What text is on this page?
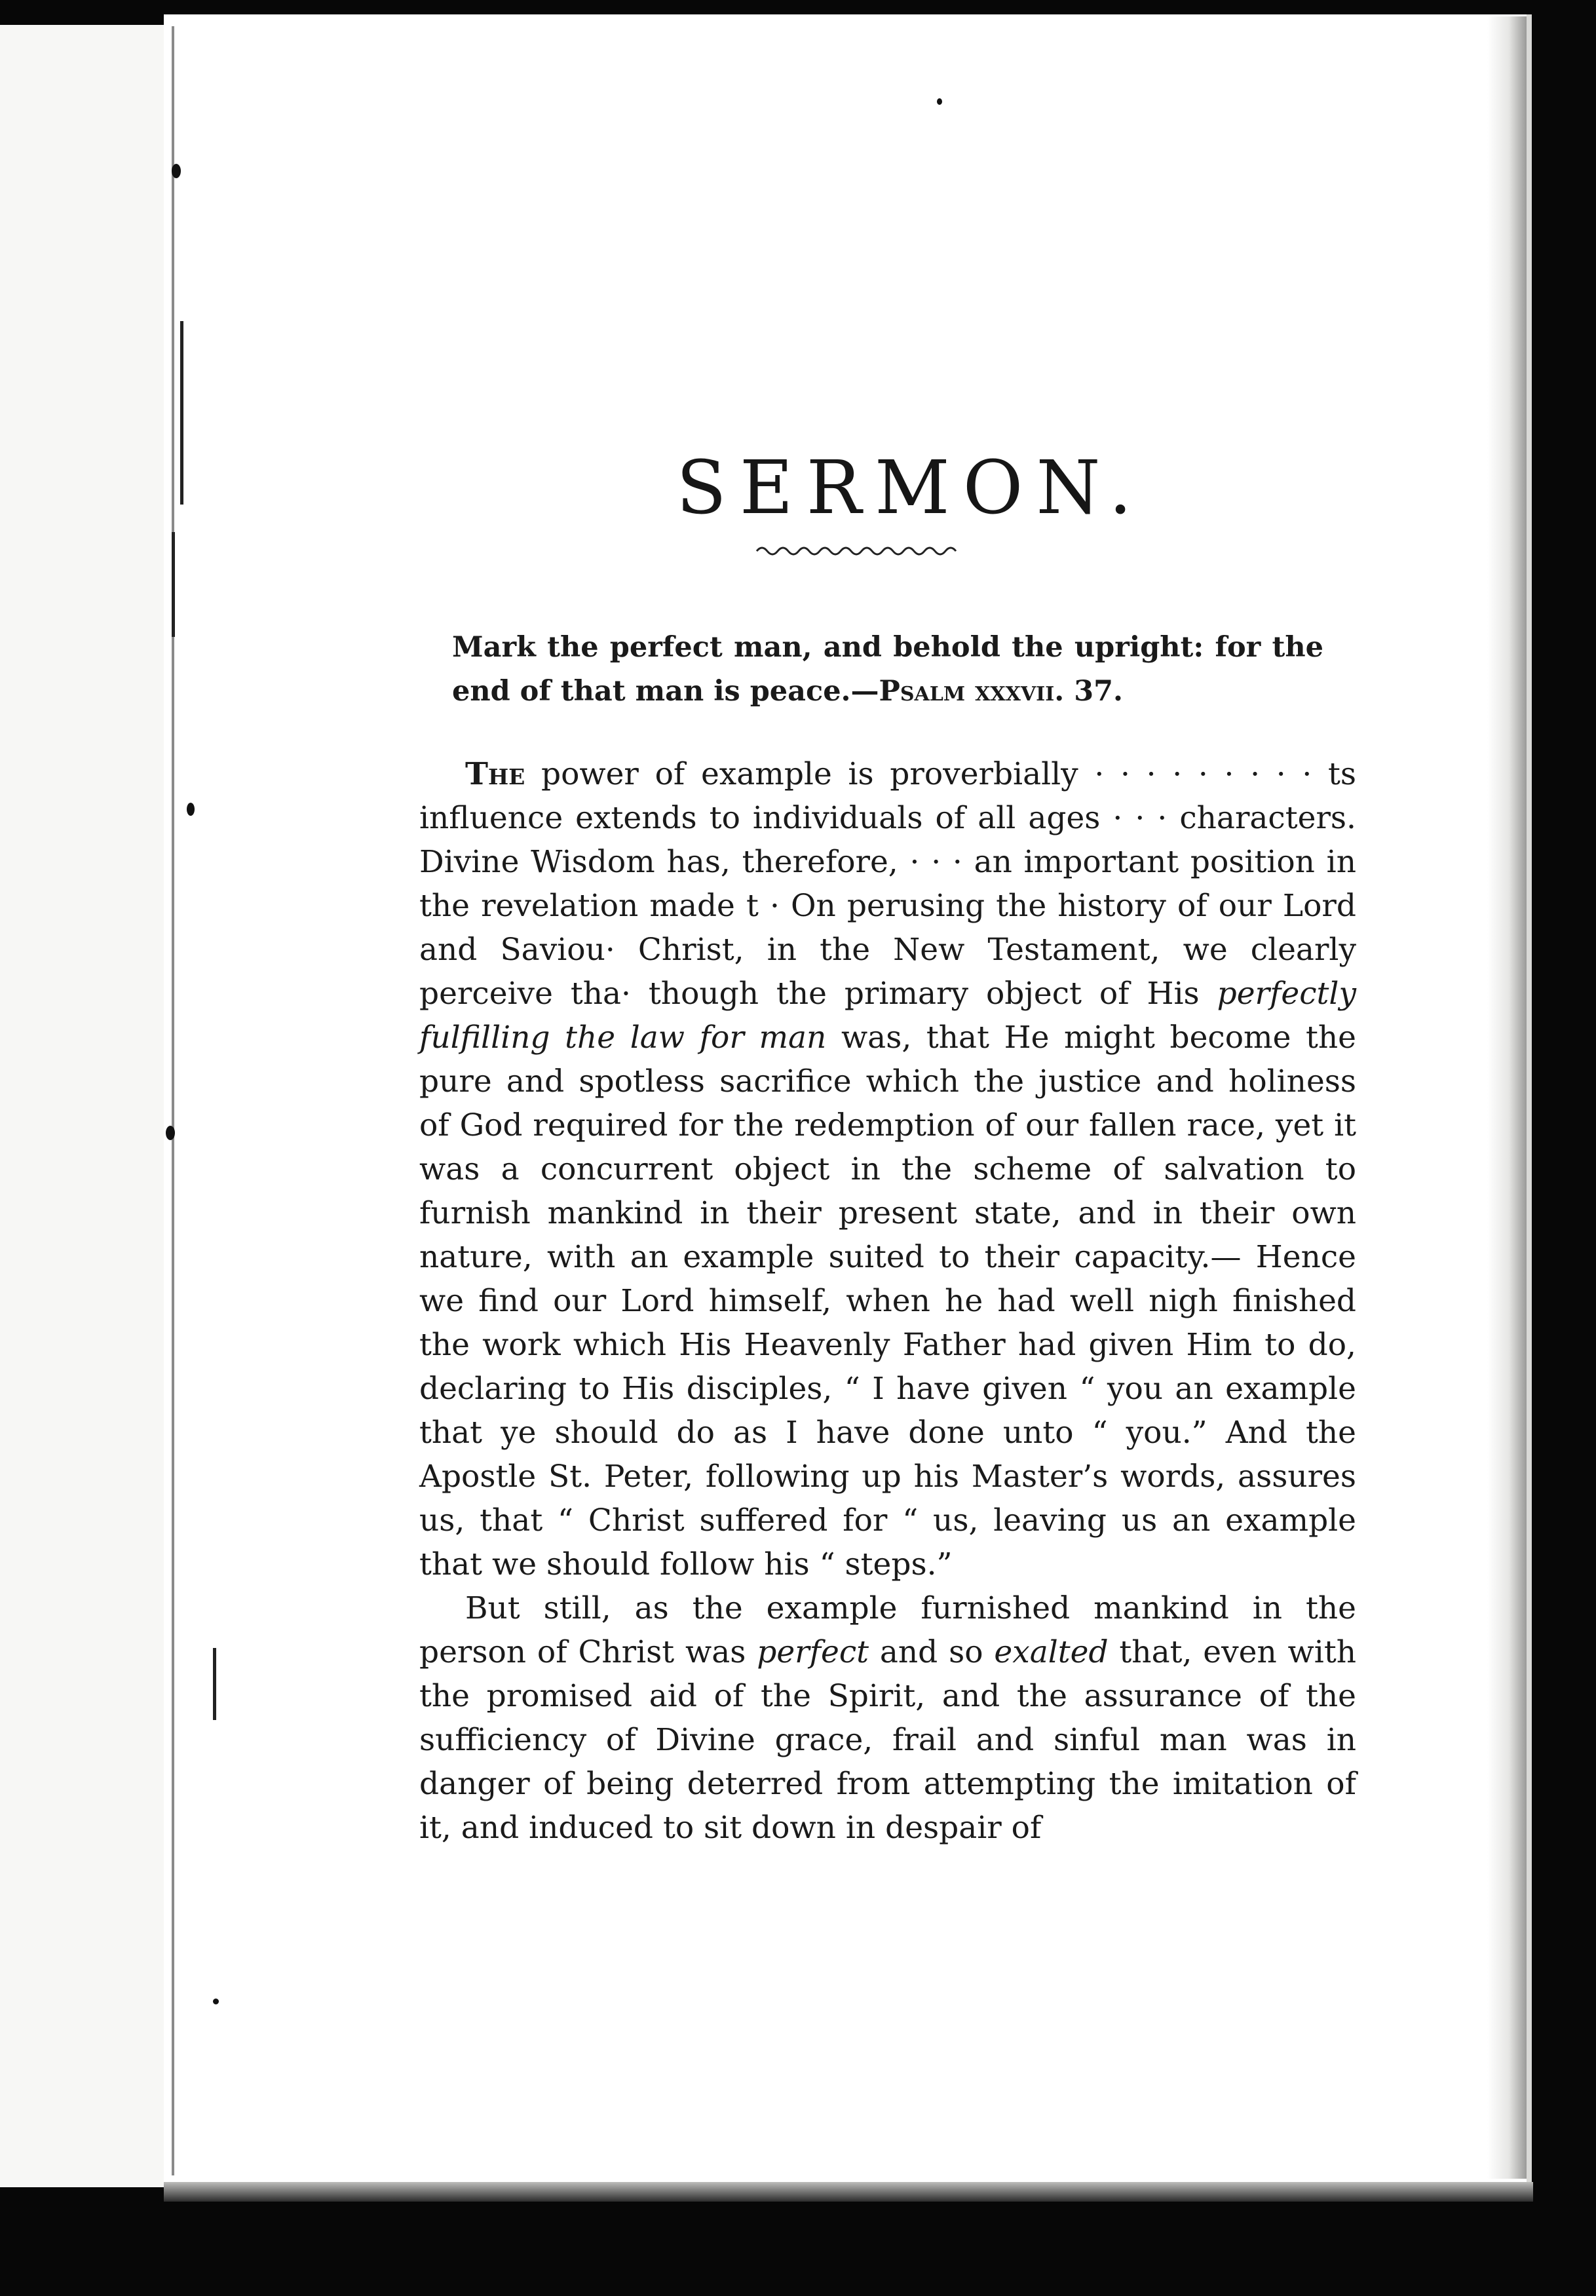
SERMON.
Mark the perfect man, and behold the upright: for the end of that man is peace.—Psalm xxxvii. 37.

The power of example is proverbially · · · · · · · · · ts influence extends to individuals of all ages · · · characters. Divine Wisdom has, therefore, · · · an important position in the revelation made t · On perusing the history of our Lord and Saviou· Christ, in the New Testament, we clearly perceive tha· though the primary object of His perfectly fulfilling the law for man was, that He might become the pure and spotless sacrifice which the justice and holiness of God required for the redemption of our fallen race, yet it was a concurrent object in the scheme of salvation to furnish mankind in their present state, and in their own nature, with an example suited to their capacity.— Hence we find our Lord himself, when he had well nigh finished the work which His Heavenly Father had given Him to do, declaring to His disciples, “ I have given “ you an example that ye should do as I have done unto “ you.” And the Apostle St. Peter, following up his Master’s words, assures us, that “ Christ suffered for “ us, leaving us an example that we should follow his “ steps.”

But still, as the example furnished mankind in the person of Christ was perfect and so exalted that, even with the promised aid of the Spirit, and the assurance of the sufficiency of Divine grace, frail and sinful man was in danger of being deterred from attempting the imitation of it, and induced to sit down in despair of
